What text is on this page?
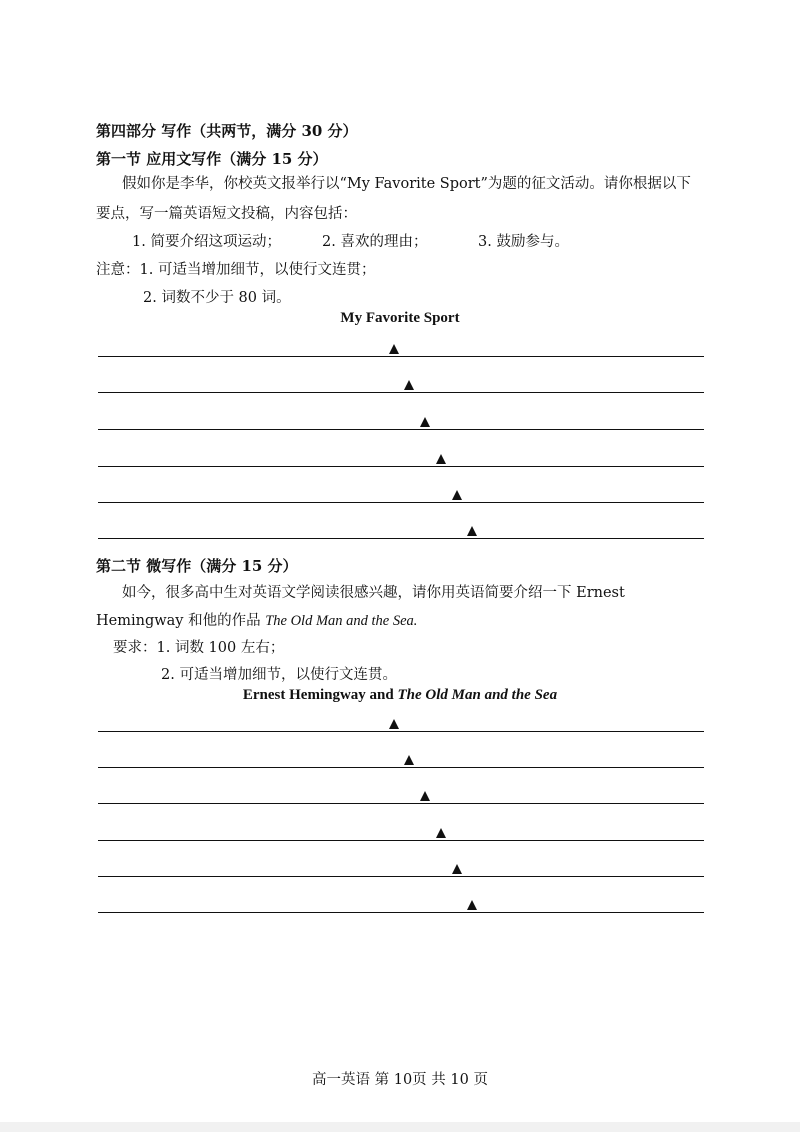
第四部分 写作（共两节，满分 30 分）
第一节 应用文写作（满分 15 分）
假如你是李华，你校英文报举行以“My Favorite Sport”为题的征文活动。请你根据以下
要点，写一篇英语短文投稿，内容包括：
1. 简要介绍这项运动；	2. 喜欢的理由；	3. 鼓励参与。
注意：1. 可适当增加细节，以使行文连贯；
2. 词数不少于 80 词。
My Favorite Sport
第二节 微写作（满分 15 分）
如今，很多高中生对英语文学阅读很感兴趣，请你用英语简要介绍一下 Ernest
Hemingway 和他的作品 The Old Man and the Sea.
要求：1. 词数 100 左右；
2. 可适当增加细节，以使行文连贯。
Ernest Hemingway and The Old Man and the Sea
高一英语 第 10页 共 10 页
